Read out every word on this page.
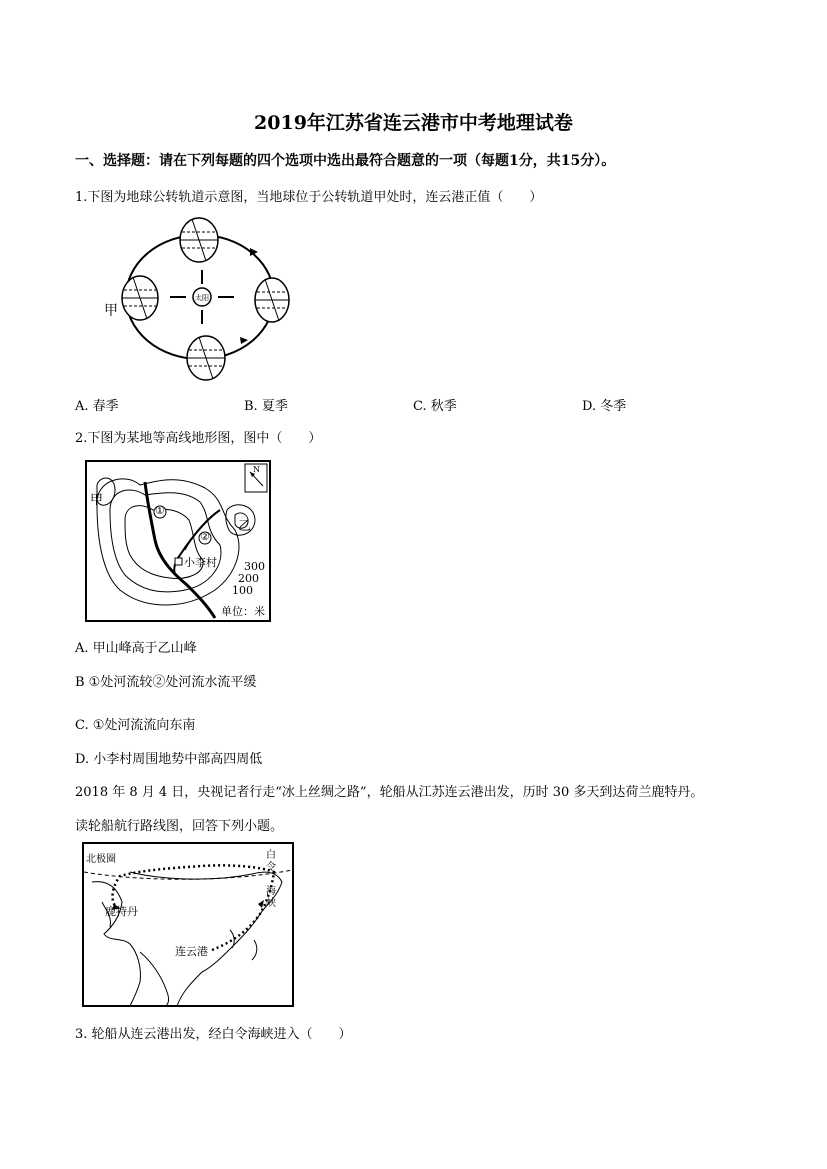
2019年江苏省连云港市中考地理试卷
一、选择题：请在下列每题的四个选项中选出最符合题意的一项（每题1分，共15分）。
1.下图为地球公转轨道示意图，当地球位于公转轨道甲处时，连云港正值（　　）
太阳
甲
A. 春季	B. 夏季	C. 秋季	D. 冬季
2.下图为某地等高线地形图，图中（　　）
甲
乙
①
②
小李村 300
200
100
单位：米
N
A. 甲山峰高于乙山峰
B ①处河流较②处河流水流平缓
C. ①处河流流向东南
D. 小李村周围地势中部高四周低
2018 年 8 月 4 日，央视记者行走“冰上丝绸之路”，轮船从江苏连云港出发，历时 30 多天到达荷兰鹿特丹。
读轮船航行路线图，回答下列小题。
北极圈
鹿特丹
连云港
白
令
海
峡
3. 轮船从连云港出发，经白令海峡进入（　　）
